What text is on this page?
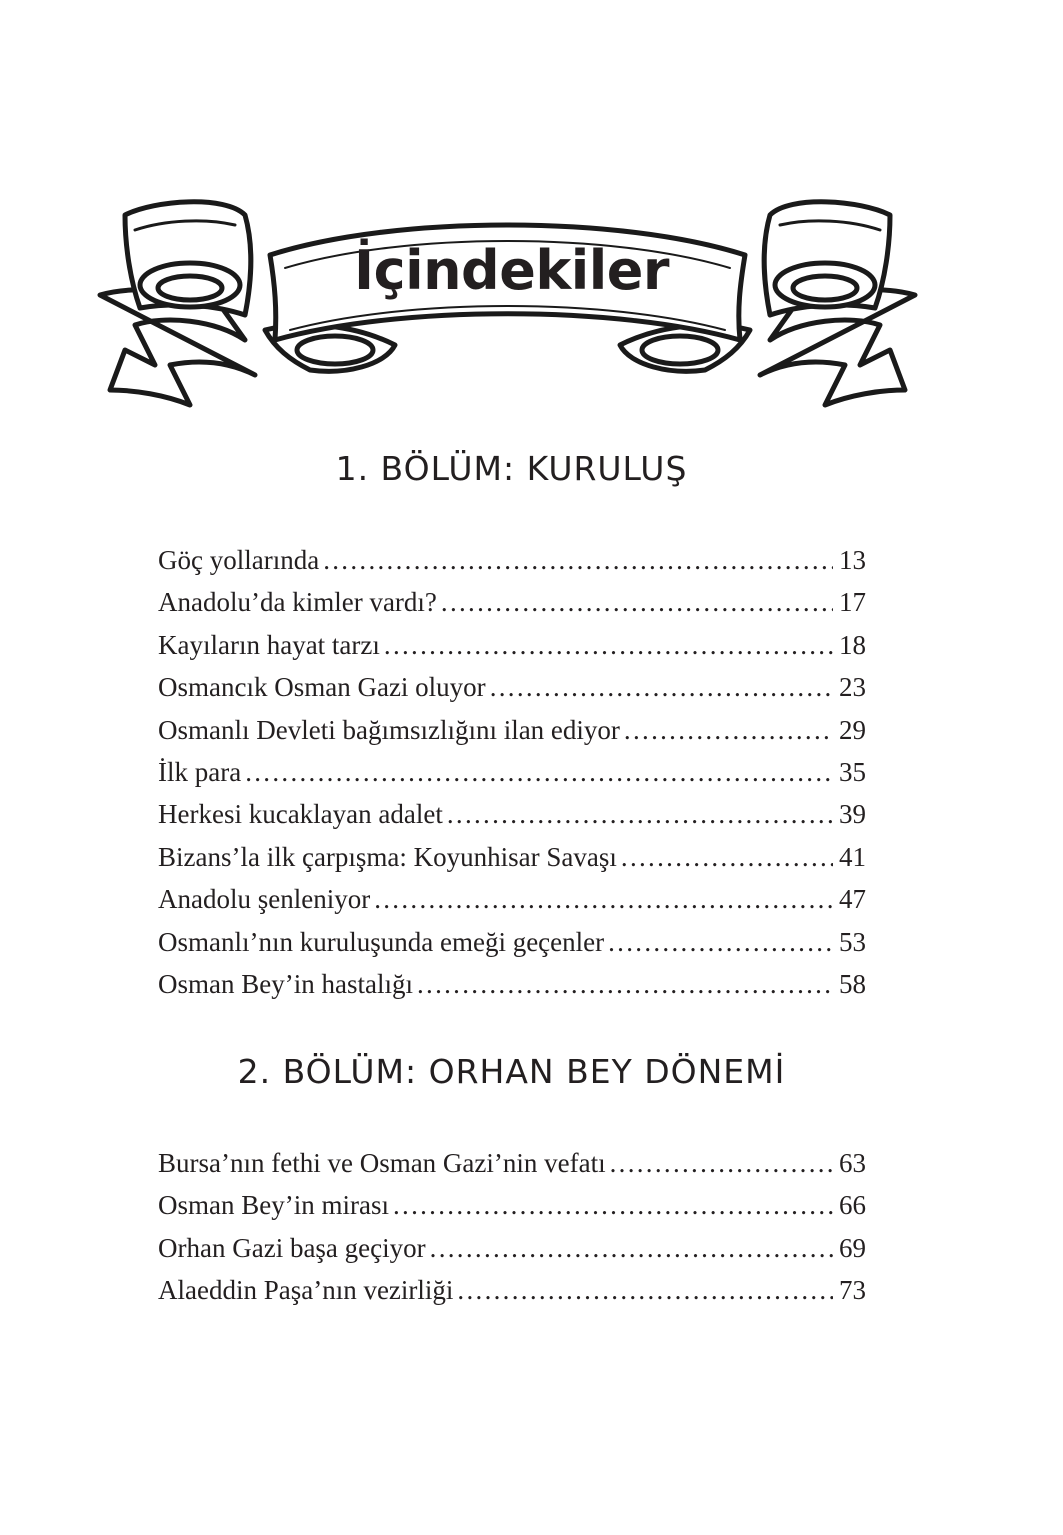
İçindekiler
1. BÖLÜM: KURULUŞ
Göç yollarında .....	13
Anadolu’da kimler vardı? .....	17
Kayıların hayat tarzı .....	18
Osmancık Osman Gazi oluyor .....	23
Osmanlı Devleti bağımsızlığını ilan ediyor .....	29
İlk para .....	35
Herkesi kucaklayan adalet .....	39
Bizans’la ilk çarpışma: Koyunhisar Savaşı .....	41
Anadolu şenleniyor .....	47
Osmanlı’nın kuruluşunda emeği geçenler .....	53
Osman Bey’in hastalığı .....	58
2. BÖLÜM: ORHAN BEY DÖNEMİ
Bursa’nın fethi ve Osman Gazi’nin vefatı .....	63
Osman Bey’in mirası .....	66
Orhan Gazi başa geçiyor .....	69
Alaeddin Paşa’nın vezirliği .....	73
